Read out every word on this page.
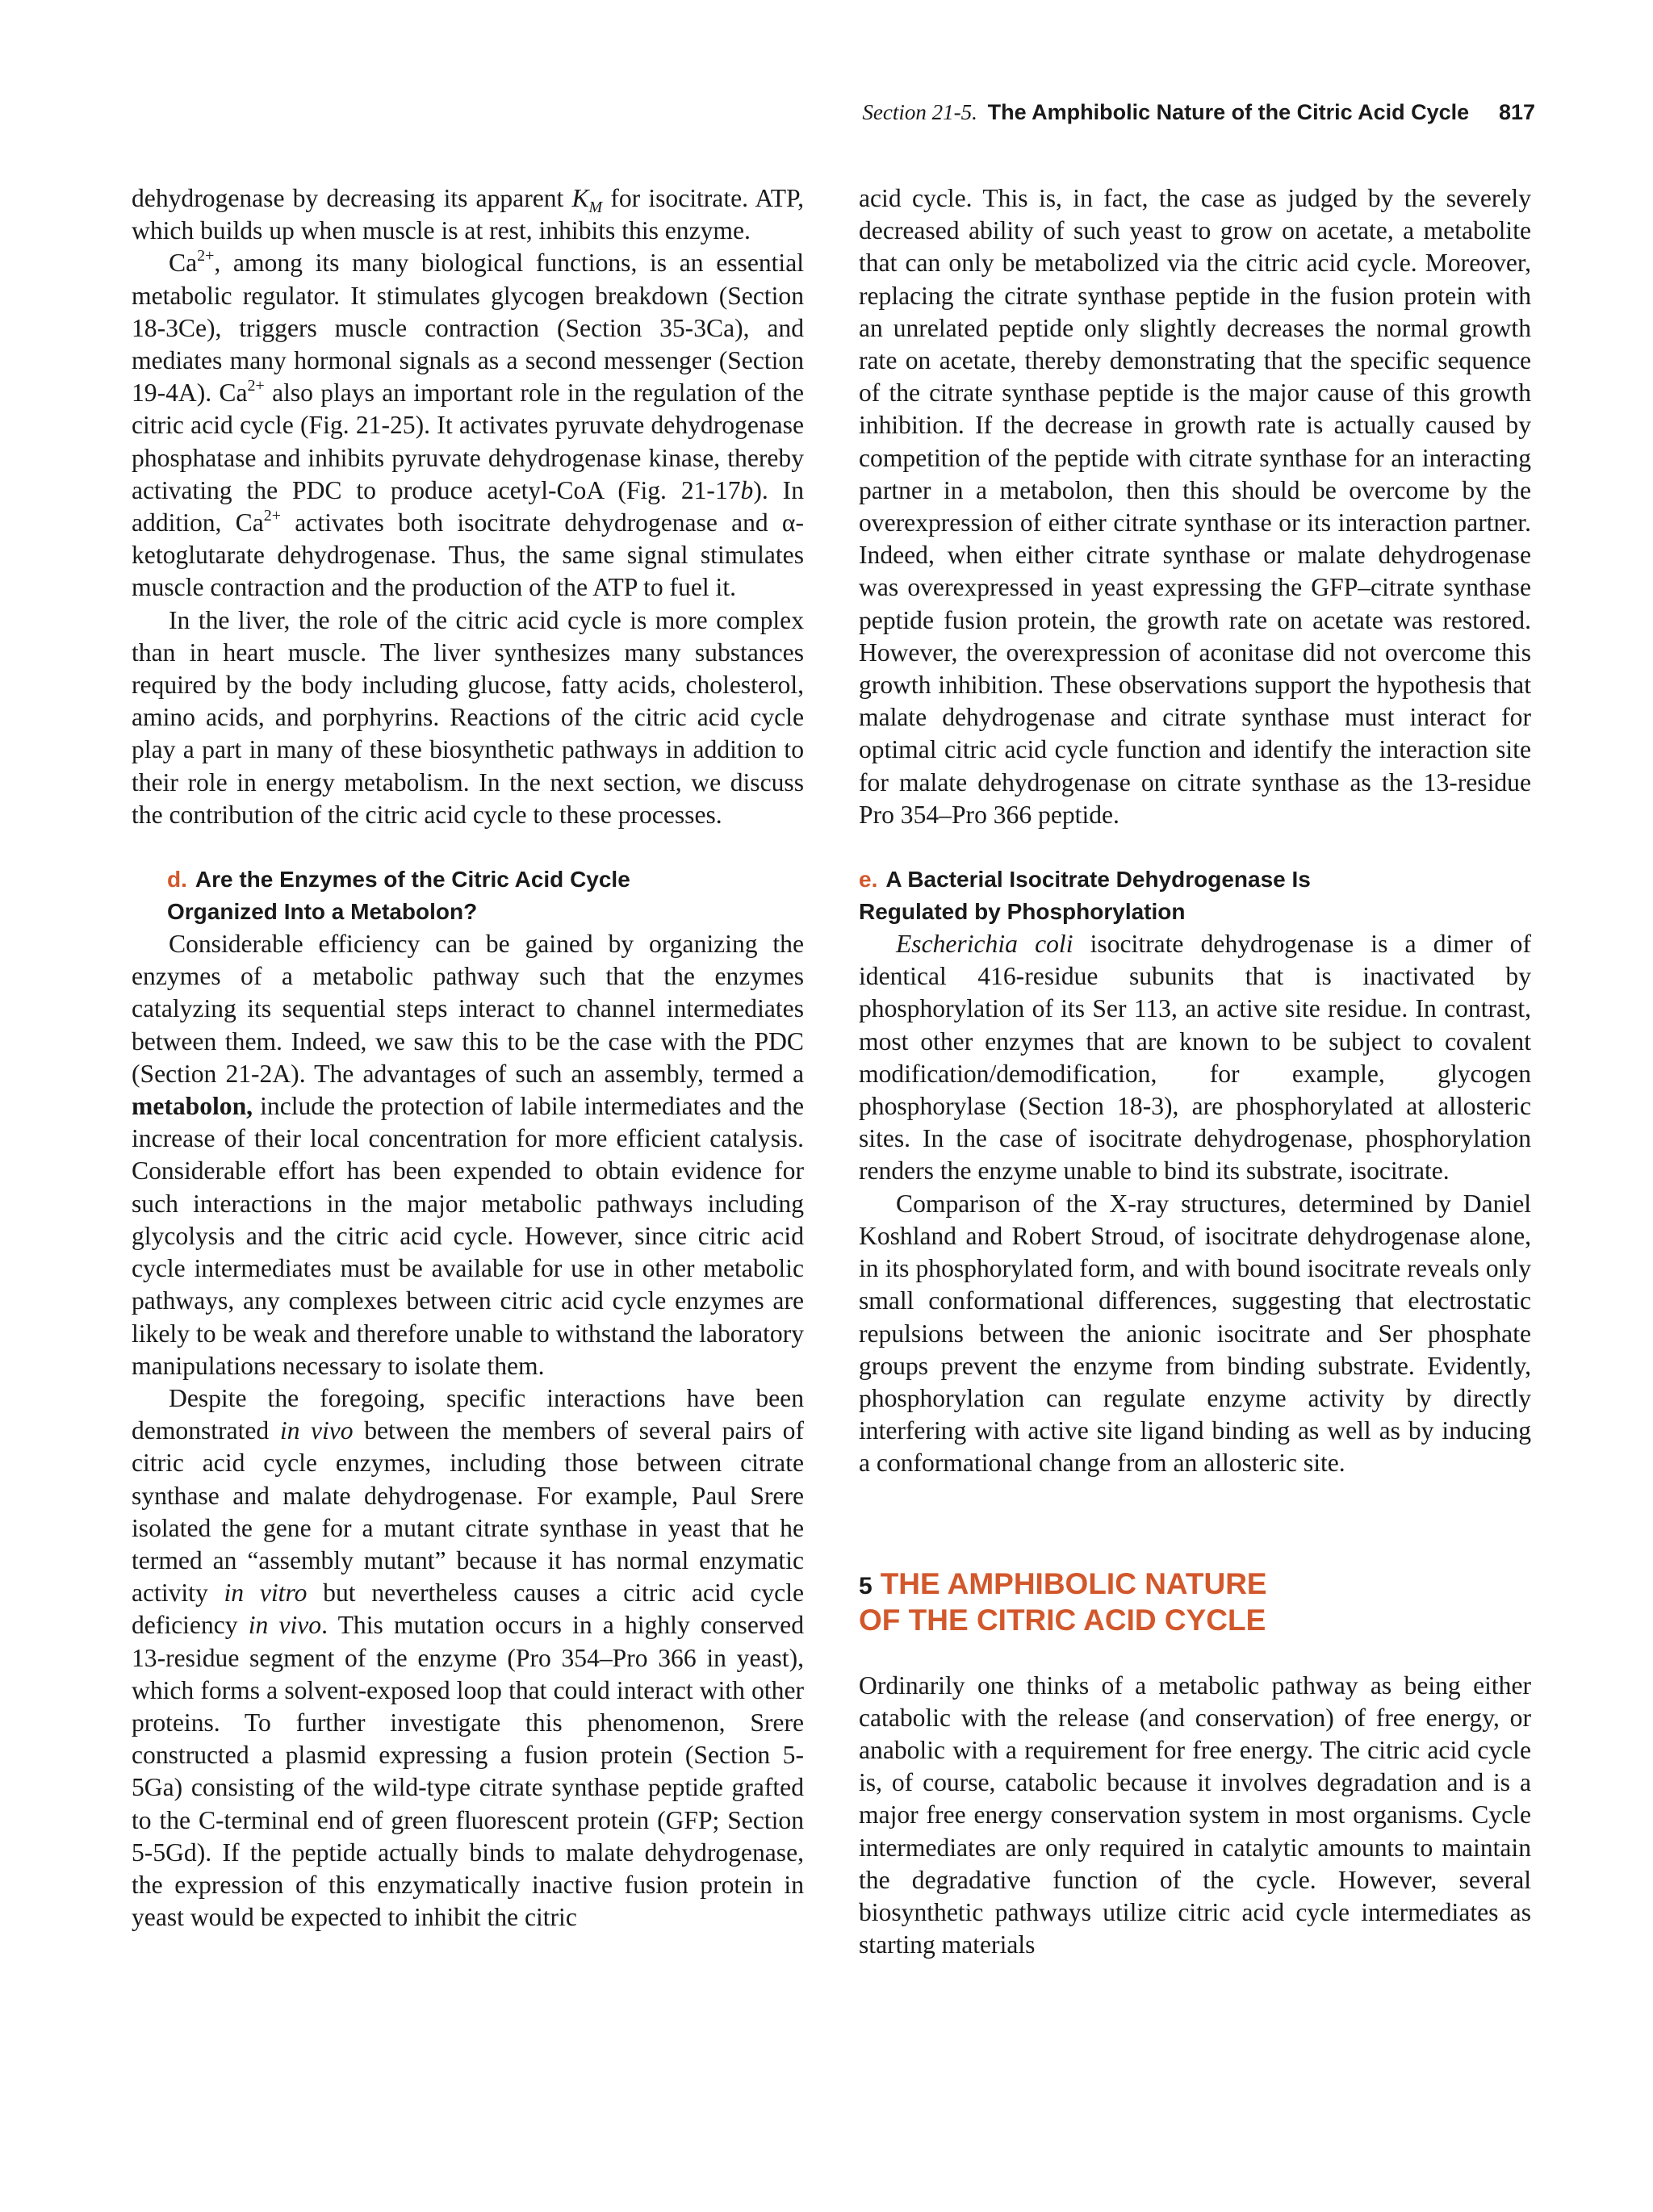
Section 21-5. The Amphibolic Nature of the Citric Acid Cycle 817

dehydrogenase by decreasing its apparent $K_M$ for isocitrate. ATP, which builds up when muscle is at rest, inhibits this enzyme.

$Ca^{2+}$, among its many biological functions, is an essential metabolic regulator. It stimulates glycogen breakdown (Section 18-3Ce), triggers muscle contraction (Section 35-3Ca), and mediates many hormonal signals as a second messenger (Section 19-4A). $Ca^{2+}$ also plays an important role in the regulation of the citric acid cycle (Fig. 21-25). It activates pyruvate dehydrogenase phosphatase and inhibits pyruvate dehydrogenase kinase, thereby activating the PDC to produce acetyl-CoA (Fig. 21-17b). In addition, $Ca^{2+}$ activates both isocitrate dehydrogenase and α-ketoglutarate dehydrogenase. Thus, the same signal stimulates muscle contraction and the production of the ATP to fuel it.

In the liver, the role of the citric acid cycle is more complex than in heart muscle. The liver synthesizes many substances required by the body including glucose, fatty acids, cholesterol, amino acids, and porphyrins. Reactions of the citric acid cycle play a part in many of these biosynthetic pathways in addition to their role in energy metabolism. In the next section, we discuss the contribution of the citric acid cycle to these processes.

d. Are the Enzymes of the Citric Acid Cycle
Organized Into a Metabolon?

Considerable efficiency can be gained by organizing the enzymes of a metabolic pathway such that the enzymes catalyzing its sequential steps interact to channel intermediates between them. Indeed, we saw this to be the case with the PDC (Section 21-2A). The advantages of such an assembly, termed a metabolon, include the protection of labile intermediates and the increase of their local concentration for more efficient catalysis. Considerable effort has been expended to obtain evidence for such interactions in the major metabolic pathways including glycolysis and the citric acid cycle. However, since citric acid cycle intermediates must be available for use in other metabolic pathways, any complexes between citric acid cycle enzymes are likely to be weak and therefore unable to withstand the laboratory manipulations necessary to isolate them.

Despite the foregoing, specific interactions have been demonstrated in vivo between the members of several pairs of citric acid cycle enzymes, including those between citrate synthase and malate dehydrogenase. For example, Paul Srere isolated the gene for a mutant citrate synthase in yeast that he termed an “assembly mutant” because it has normal enzymatic activity in vitro but nevertheless causes a citric acid cycle deficiency in vivo. This mutation occurs in a highly conserved 13-residue segment of the enzyme (Pro 354–Pro 366 in yeast), which forms a solvent-exposed loop that could interact with other proteins. To further investigate this phenomenon, Srere constructed a plasmid expressing a fusion protein (Section 5-5Ga) consisting of the wild-type citrate synthase peptide grafted to the C-terminal end of green fluorescent protein (GFP; Section 5-5Gd). If the peptide actually binds to malate dehydrogenase, the expression of this enzymatically inactive fusion protein in yeast would be expected to inhibit the citric

acid cycle. This is, in fact, the case as judged by the severely decreased ability of such yeast to grow on acetate, a metabolite that can only be metabolized via the citric acid cycle. Moreover, replacing the citrate synthase peptide in the fusion protein with an unrelated peptide only slightly decreases the normal growth rate on acetate, thereby demonstrating that the specific sequence of the citrate synthase peptide is the major cause of this growth inhibition. If the decrease in growth rate is actually caused by competition of the peptide with citrate synthase for an interacting partner in a metabolon, then this should be overcome by the overexpression of either citrate synthase or its interaction partner. Indeed, when either citrate synthase or malate dehydrogenase was overexpressed in yeast expressing the GFP–citrate synthase peptide fusion protein, the growth rate on acetate was restored. However, the overexpression of aconitase did not overcome this growth inhibition. These observations support the hypothesis that malate dehydrogenase and citrate synthase must interact for optimal citric acid cycle function and identify the interaction site for malate dehydrogenase on citrate synthase as the 13-residue Pro 354–Pro 366 peptide.

e. A Bacterial Isocitrate Dehydrogenase Is
Regulated by Phosphorylation

Escherichia coli isocitrate dehydrogenase is a dimer of identical 416-residue subunits that is inactivated by phosphorylation of its Ser 113, an active site residue. In contrast, most other enzymes that are known to be subject to covalent modification/demodification, for example, glycogen phosphorylase (Section 18-3), are phosphorylated at allosteric sites. In the case of isocitrate dehydrogenase, phosphorylation renders the enzyme unable to bind its substrate, isocitrate.

Comparison of the X-ray structures, determined by Daniel Koshland and Robert Stroud, of isocitrate dehydrogenase alone, in its phosphorylated form, and with bound isocitrate reveals only small conformational differences, suggesting that electrostatic repulsions between the anionic isocitrate and Ser phosphate groups prevent the enzyme from binding substrate. Evidently, phosphorylation can regulate enzyme activity by directly interfering with active site ligand binding as well as by inducing a conformational change from an allosteric site.

5 THE AMPHIBOLIC NATURE
OF THE CITRIC ACID CYCLE

Ordinarily one thinks of a metabolic pathway as being either catabolic with the release (and conservation) of free energy, or anabolic with a requirement for free energy. The citric acid cycle is, of course, catabolic because it involves degradation and is a major free energy conservation system in most organisms. Cycle intermediates are only required in catalytic amounts to maintain the degradative function of the cycle. However, several biosynthetic pathways utilize citric acid cycle intermediates as starting materials
